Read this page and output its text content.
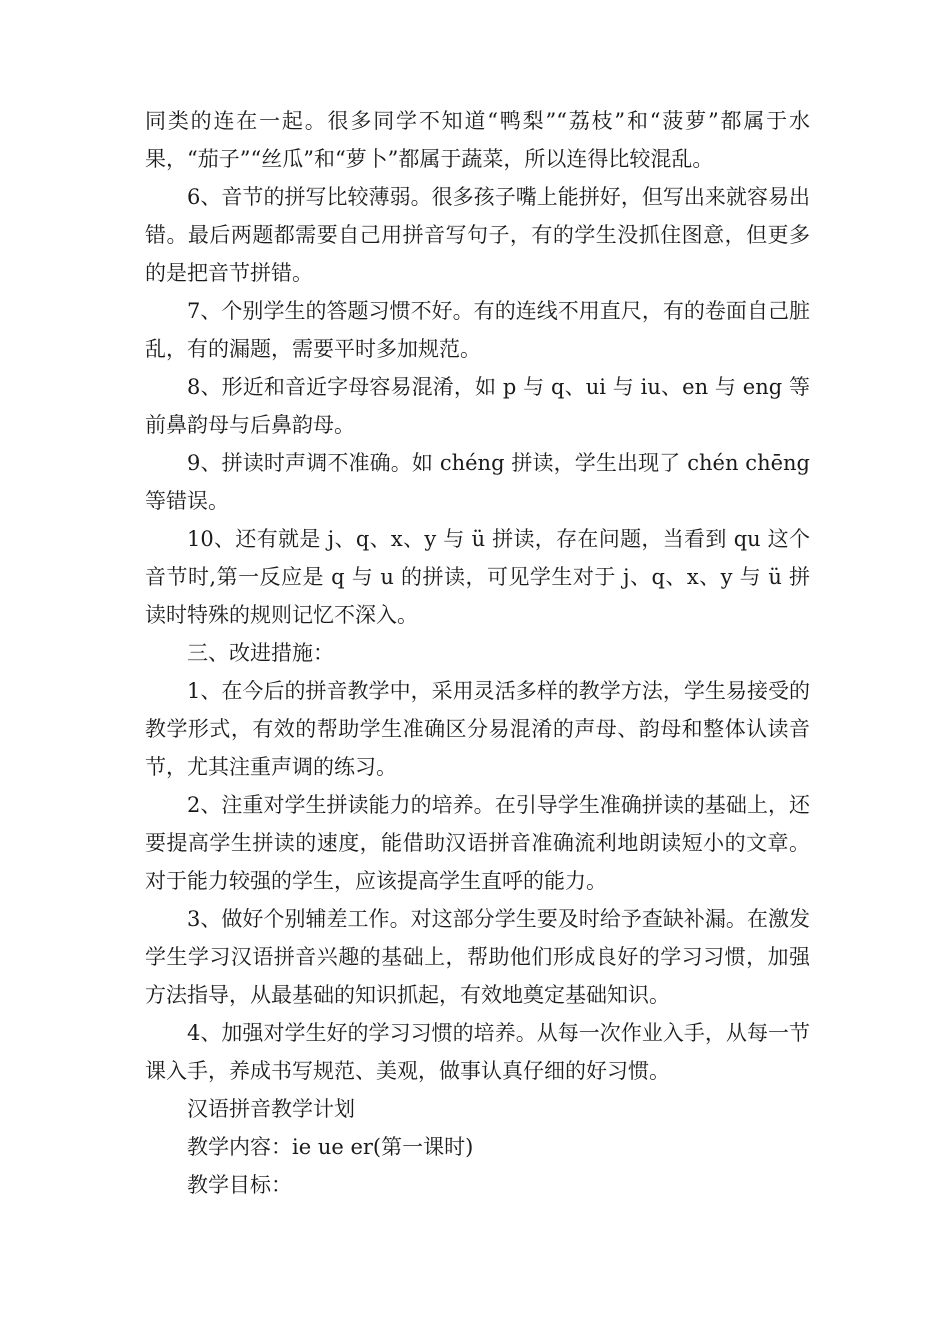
同类的连在一起。很多同学不知道“鸭梨”“荔枝”和“菠萝”都属于水果，“茄子”“丝瓜”和“萝卜”都属于蔬菜，所以连得比较混乱。

6、音节的拼写比较薄弱。很多孩子嘴上能拼好，但写出来就容易出错。最后两题都需要自己用拼音写句子，有的学生没抓住图意，但更多的是把音节拼错。

7、个别学生的答题习惯不好。有的连线不用直尺，有的卷面自己脏乱，有的漏题，需要平时多加规范。

8、形近和音近字母容易混淆，如 p 与 q、ui 与 iu、en 与 eng 等前鼻韵母与后鼻韵母。

9、拼读时声调不准确。如 chéng 拼读，学生出现了 chén chēng 等错误。

10、还有就是 j、q、x、y 与 ü 拼读，存在问题，当看到 qu 这个音节时,第一反应是 q 与 u 的拼读，可见学生对于 j、q、x、y 与 ü 拼读时特殊的规则记忆不深入。

三、改进措施：

1、在今后的拼音教学中，采用灵活多样的教学方法，学生易接受的教学形式，有效的帮助学生准确区分易混淆的声母、韵母和整体认读音节，尤其注重声调的练习。

2、注重对学生拼读能力的培养。在引导学生准确拼读的基础上，还要提高学生拼读的速度，能借助汉语拼音准确流利地朗读短小的文章。对于能力较强的学生，应该提高学生直呼的能力。

3、做好个别辅差工作。对这部分学生要及时给予查缺补漏。在激发学生学习汉语拼音兴趣的基础上，帮助他们形成良好的学习习惯，加强方法指导，从最基础的知识抓起，有效地奠定基础知识。

4、加强对学生好的学习习惯的培养。从每一次作业入手，从每一节课入手，养成书写规范、美观，做事认真仔细的好习惯。

汉语拼音教学计划

教学内容：ie ue er(第一课时)

教学目标：
